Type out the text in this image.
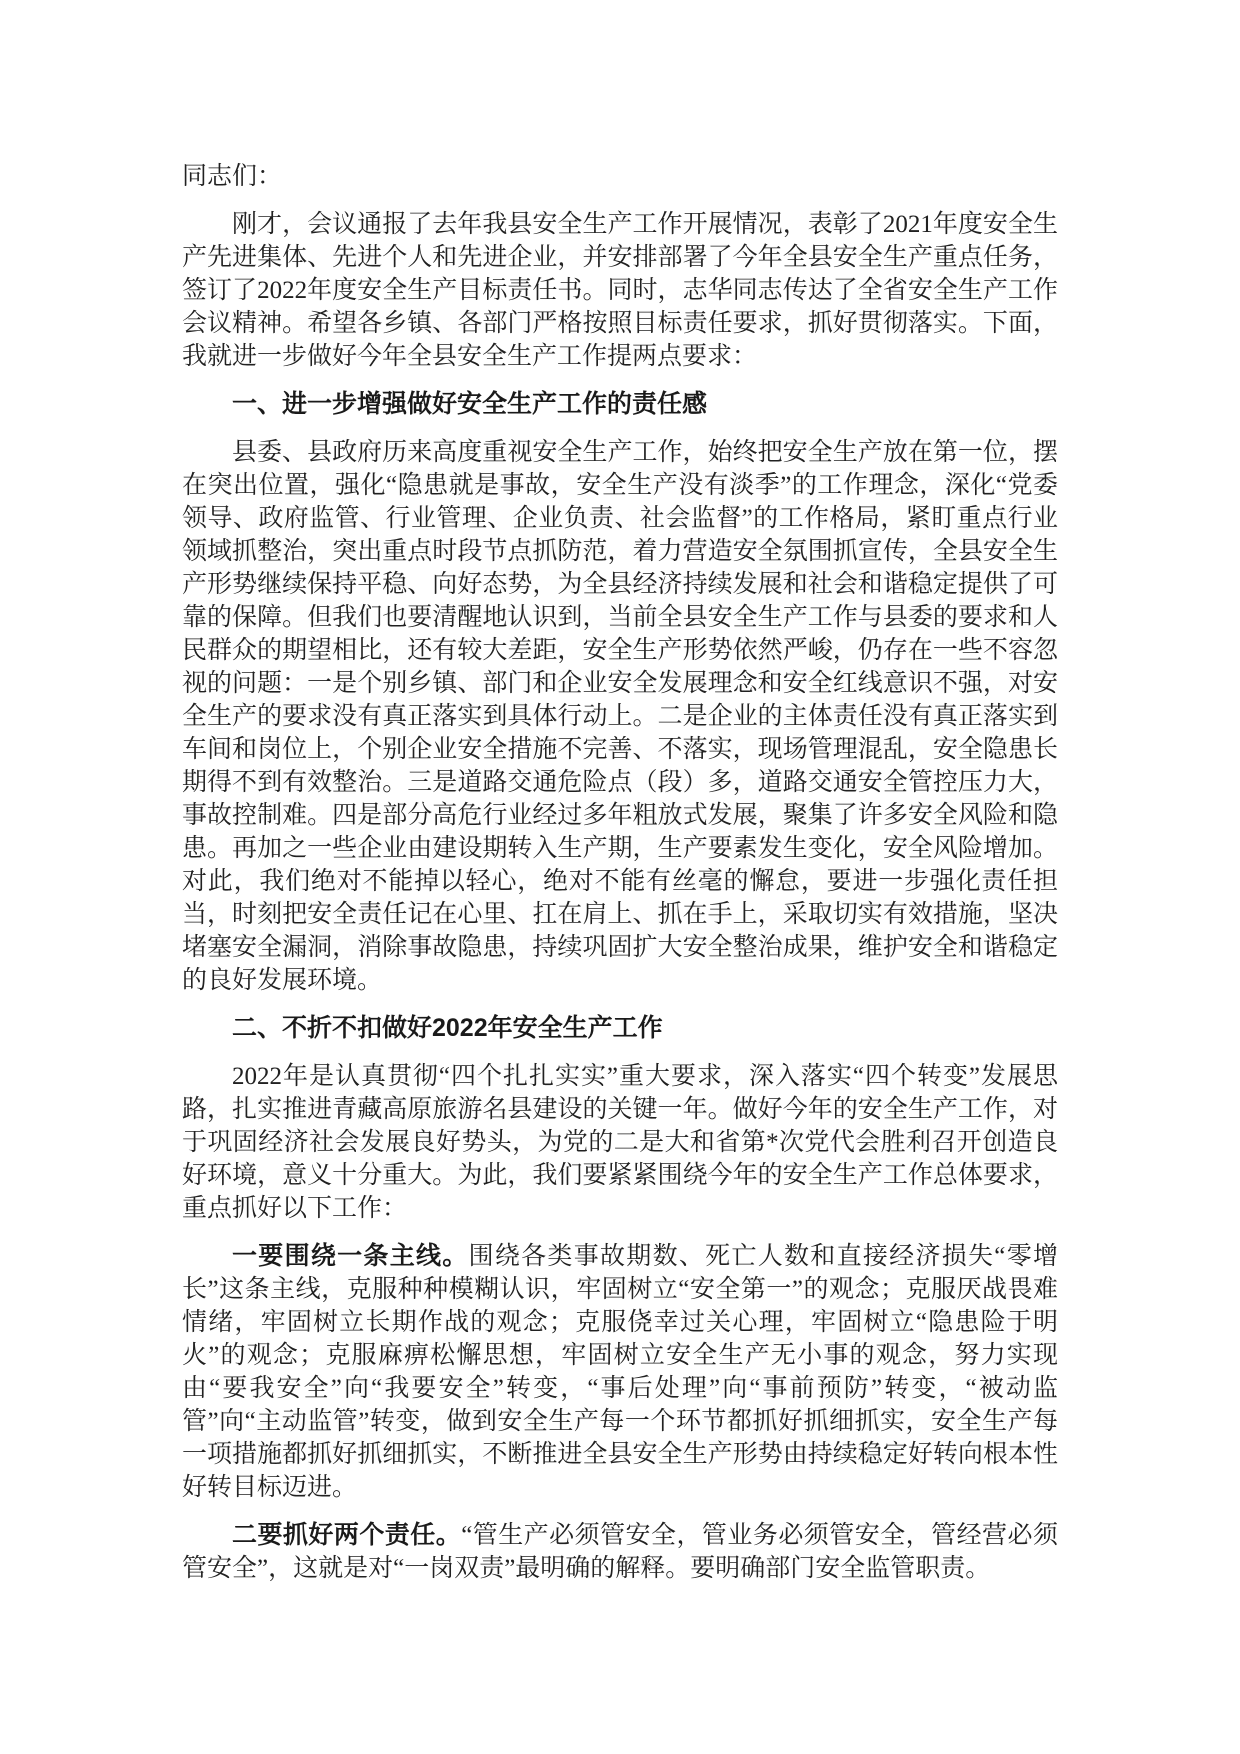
同志们：

刚才，会议通报了去年我县安全生产工作开展情况，表彰了2021年度安全生产先进集体、先进个人和先进企业，并安排部署了今年全县安全生产重点任务，签订了2022年度安全生产目标责任书。同时，志华同志传达了全省安全生产工作会议精神。希望各乡镇、各部门严格按照目标责任要求，抓好贯彻落实。下面，我就进一步做好今年全县安全生产工作提两点要求：

一、进一步增强做好安全生产工作的责任感

县委、县政府历来高度重视安全生产工作，始终把安全生产放在第一位，摆在突出位置，强化“隐患就是事故，安全生产没有淡季”的工作理念，深化“党委领导、政府监管、行业管理、企业负责、社会监督”的工作格局，紧盯重点行业领域抓整治，突出重点时段节点抓防范，着力营造安全氛围抓宣传，全县安全生产形势继续保持平稳、向好态势，为全县经济持续发展和社会和谐稳定提供了可靠的保障。但我们也要清醒地认识到，当前全县安全生产工作与县委的要求和人民群众的期望相比，还有较大差距，安全生产形势依然严峻，仍存在一些不容忽视的问题：一是个别乡镇、部门和企业安全发展理念和安全红线意识不强，对安全生产的要求没有真正落实到具体行动上。二是企业的主体责任没有真正落实到车间和岗位上，个别企业安全措施不完善、不落实，现场管理混乱，安全隐患长期得不到有效整治。三是道路交通危险点（段）多，道路交通安全管控压力大，事故控制难。四是部分高危行业经过多年粗放式发展，聚集了许多安全风险和隐患。再加之一些企业由建设期转入生产期，生产要素发生变化，安全风险增加。对此，我们绝对不能掉以轻心，绝对不能有丝毫的懈怠，要进一步强化责任担当，时刻把安全责任记在心里、扛在肩上、抓在手上，采取切实有效措施，坚决堵塞安全漏洞，消除事故隐患，持续巩固扩大安全整治成果，维护安全和谐稳定的良好发展环境。

二、不折不扣做好2022年安全生产工作

2022年是认真贯彻“四个扎扎实实”重大要求，深入落实“四个转变”发展思路，扎实推进青藏高原旅游名县建设的关键一年。做好今年的安全生产工作，对于巩固经济社会发展良好势头，为党的二是大和省第*次党代会胜利召开创造良好环境，意义十分重大。为此，我们要紧紧围绕今年的安全生产工作总体要求，重点抓好以下工作：

一要围绕一条主线。围绕各类事故期数、死亡人数和直接经济损失“零增长”这条主线，克服种种模糊认识，牢固树立“安全第一”的观念；克服厌战畏难情绪，牢固树立长期作战的观念；克服侥幸过关心理，牢固树立“隐患险于明火”的观念；克服麻痹松懈思想，牢固树立安全生产无小事的观念，努力实现由“要我安全”向“我要安全”转变，“事后处理”向“事前预防”转变，“被动监管”向“主动监管”转变，做到安全生产每一个环节都抓好抓细抓实，安全生产每一项措施都抓好抓细抓实，不断推进全县安全生产形势由持续稳定好转向根本性好转目标迈进。

二要抓好两个责任。“管生产必须管安全，管业务必须管安全，管经营必须管安全”，这就是对“一岗双责”最明确的解释。要明确部门安全监管职责。
